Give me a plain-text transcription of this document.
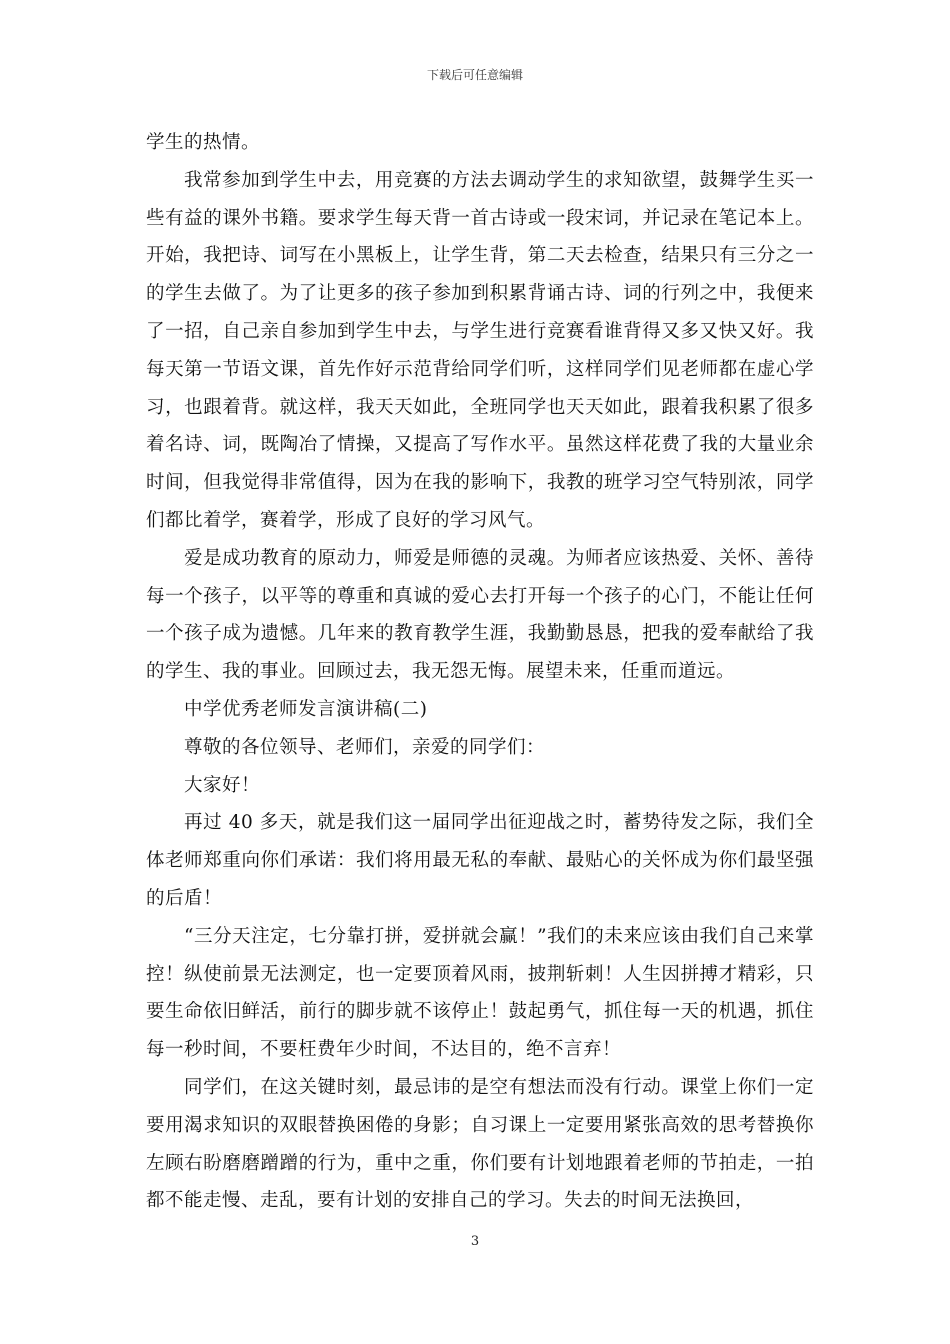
下载后可任意编辑

学生的热情。

我常参加到学生中去，用竞赛的方法去调动学生的求知欲望，鼓舞学生买一些有益的课外书籍。要求学生每天背一首古诗或一段宋词，并记录在笔记本上。开始，我把诗、词写在小黑板上，让学生背，第二天去检查，结果只有三分之一的学生去做了。为了让更多的孩子参加到积累背诵古诗、词的行列之中，我便来了一招，自己亲自参加到学生中去，与学生进行竞赛看谁背得又多又快又好。我每天第一节语文课，首先作好示范背给同学们听，这样同学们见老师都在虚心学习，也跟着背。就这样，我天天如此，全班同学也天天如此，跟着我积累了很多着名诗、词，既陶冶了情操，又提高了写作水平。虽然这样花费了我的大量业余时间，但我觉得非常值得，因为在我的影响下，我教的班学习空气特别浓，同学们都比着学，赛着学，形成了良好的学习风气。

爱是成功教育的原动力，师爱是师德的灵魂。为师者应该热爱、关怀、善待每一个孩子，以平等的尊重和真诚的爱心去打开每一个孩子的心门，不能让任何一个孩子成为遗憾。几年来的教育教学生涯，我勤勤恳恳，把我的爱奉献给了我的学生、我的事业。回顾过去，我无怨无悔。展望未来，任重而道远。

中学优秀老师发言演讲稿(二)

尊敬的各位领导、老师们，亲爱的同学们：

大家好！

再过 40 多天，就是我们这一届同学出征迎战之时，蓄势待发之际，我们全体老师郑重向你们承诺：我们将用最无私的奉献、最贴心的关怀成为你们最坚强的后盾！

“三分天注定，七分靠打拼，爱拼就会赢！”我们的未来应该由我们自己来掌控！纵使前景无法测定，也一定要顶着风雨，披荆斩刺！人生因拼搏才精彩，只要生命依旧鲜活，前行的脚步就不该停止！鼓起勇气，抓住每一天的机遇，抓住每一秒时间，不要枉费年少时间，不达目的，绝不言弃！

同学们，在这关键时刻，最忌讳的是空有想法而没有行动。课堂上你们一定要用渴求知识的双眼替换困倦的身影；自习课上一定要用紧张高效的思考替换你左顾右盼磨磨蹭蹭的行为，重中之重，你们要有计划地跟着老师的节拍走，一拍都不能走慢、走乱，要有计划的安排自己的学习。失去的时间无法换回，

3
